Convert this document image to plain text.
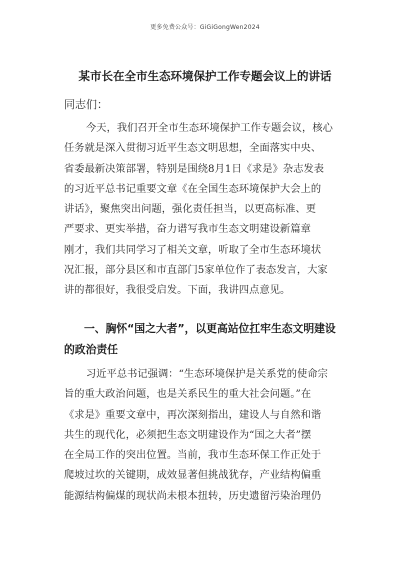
更多免费公众号：GiGiGongWen2024
某市长在全市生态环境保护工作专题会议上的讲话
同志们：
今天，我们召开全市生态环境保护工作专题会议，核心
任务就是深入贯彻习近平生态文明思想，全面落实中央、
省委最新决策部署，特别是围绕8月1日《求是》杂志发表
的习近平总书记重要文章《在全国生态环境保护大会上的
讲话》，聚焦突出问题，强化责任担当，以更高标准、更
严要求、更实举措，奋力谱写我市生态文明建设新篇章
刚才，我们共同学习了相关文章，听取了全市生态环境状
况汇报，部分县区和市直部门5家单位作了表态发言，大家
讲的都很好，我很受启发。下面，我讲四点意见。
一、胸怀“国之大者”，以更高站位扛牢生态文明建设
的政治责任
习近平总书记强调：“生态环境保护是关系党的使命宗
旨的重大政治问题，也是关系民生的重大社会问题。”在
《求是》重要文章中，再次深刻指出，建设人与自然和谐
共生的现代化，必须把生态文明建设作为“国之大者”摆
在全局工作的突出位置。当前，我市生态环保工作正处于
爬坡过坎的关键期，成效显著但挑战犹存，产业结构偏重
能源结构偏煤的现状尚未根本扭转，历史遗留污染治理仍
